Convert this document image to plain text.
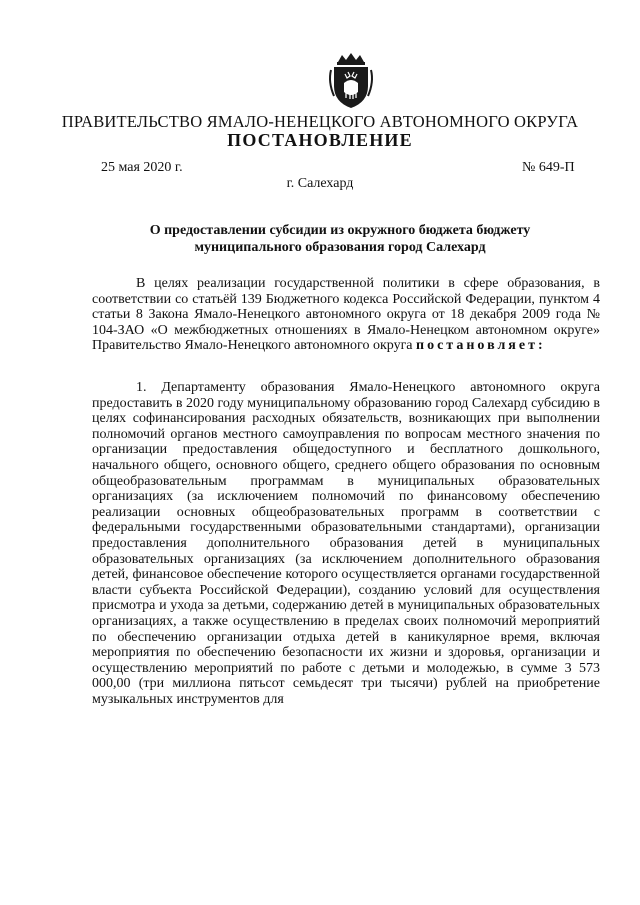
ПРАВИТЕЛЬСТВО ЯМАЛО-НЕНЕЦКОГО АВТОНОМНОГО ОКРУГА
ПОСТАНОВЛЕНИЕ
25 мая 2020 г.	№ 649-П
г. Салехард
О предоставлении субсидии из окружного бюджета бюджету
муниципального образования город Салехард
В целях реализации государственной политики в сфере образования, в соответствии со статьёй 139 Бюджетного кодекса Российской Федерации, пунктом 4 статьи 8 Закона Ямало-Ненецкого автономного округа от 18 декабря 2009 года № 104-ЗАО «О межбюджетных отношениях в Ямало-Ненецком автономном округе» Правительство Ямало-Ненецкого автономного округа постановляет:
1. Департаменту образования Ямало-Ненецкого автономного округа предоставить в 2020 году муниципальному образованию город Салехард субсидию в целях софинансирования расходных обязательств, возникающих при выполнении полномочий органов местного самоуправления по вопросам местного значения по организации предоставления общедоступного и бесплатного дошкольного, начального общего, основного общего, среднего общего образования по основным общеобразовательным программам в муниципальных образовательных организациях (за исключением полномочий по финансовому обеспечению реализации основных общеобразовательных программ в соответствии с федеральными государственными образовательными стандартами), организации предоставления дополнительного образования детей в муниципальных образовательных организациях (за исключением дополнительного образования детей, финансовое обеспечение которого осуществляется органами государственной власти субъекта Российской Федерации), созданию условий для осуществления присмотра и ухода за детьми, содержанию детей в муниципальных образовательных организациях, а также осуществлению в пределах своих полномочий мероприятий по обеспечению организации отдыха детей в каникулярное время, включая мероприятия по обеспечению безопасности их жизни и здоровья, организации и осуществлению мероприятий по работе с детьми и молодежью, в сумме 3 573 000,00 (три миллиона пятьсот семьдесят три тысячи) рублей на приобретение музыкальных инструментов для
